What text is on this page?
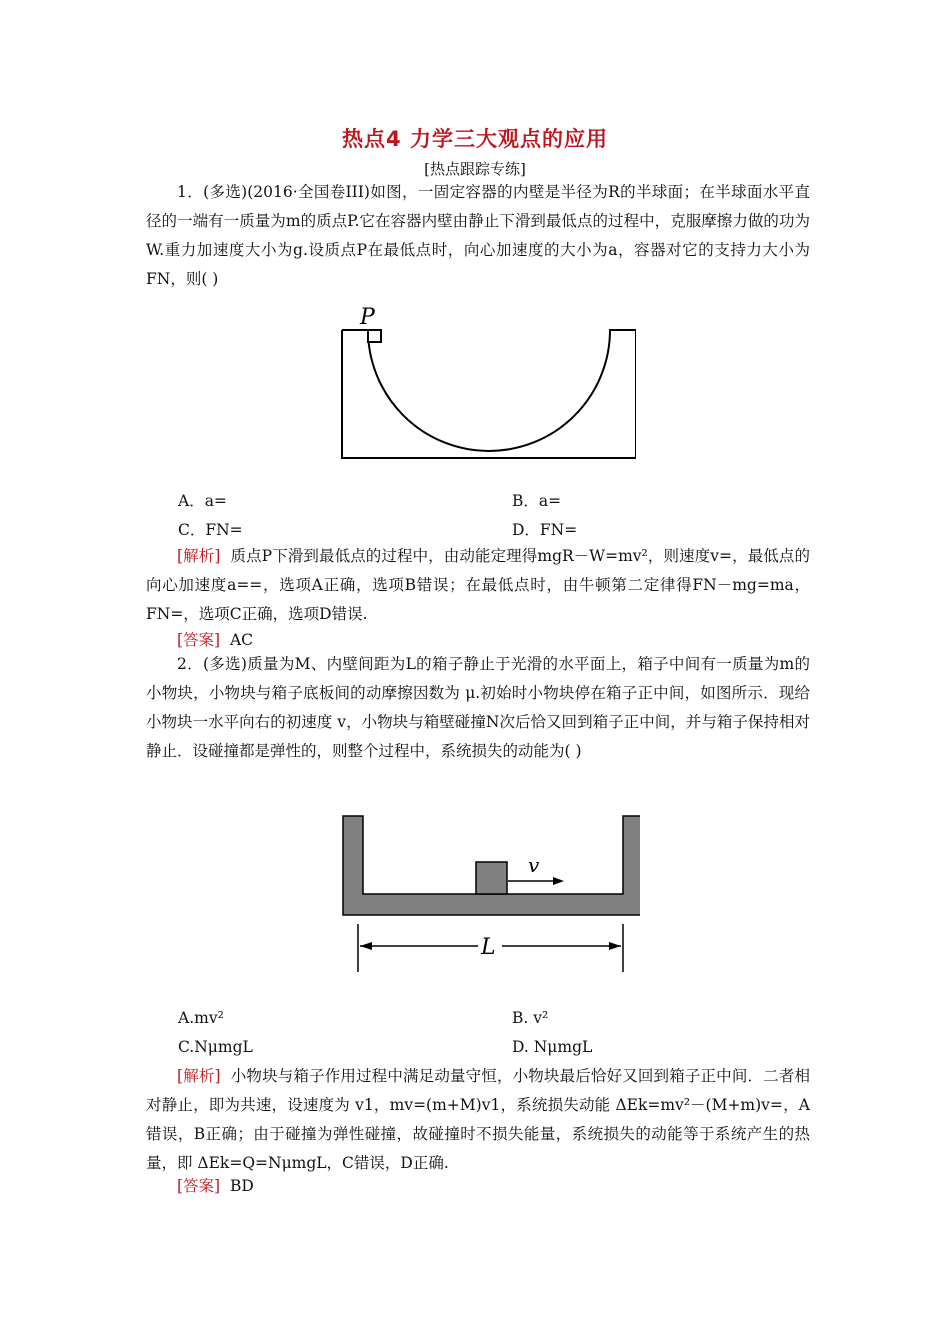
热点4 力学三大观点的应用
[热点跟踪专练]

1．(多选)(2016·全国卷III)如图，一固定容器的内壁是半径为R的半球面；在半球面水平直径的一端有一质量为m的质点P.它在容器内壁由静止下滑到最低点的过程中，克服摩擦力做的功为W.重力加速度大小为g.设质点P在最低点时，向心加速度的大小为a，容器对它的支持力大小为FN，则( )

P
A．a=	B．a=
C．FN=	D．FN=

[解析] 质点P下滑到最低点的过程中，由动能定理得mgR－W=mv²，则速度v=，最低点的向心加速度a==，选项A正确，选项B错误；在最低点时，由牛顿第二定律得FN－mg=ma，FN=，选项C正确，选项D错误.

[答案] AC

2．(多选)质量为M、内壁间距为L的箱子静止于光滑的水平面上，箱子中间有一质量为m的小物块，小物块与箱子底板间的动摩擦因数为 μ.初始时小物块停在箱子正中间，如图所示．现给小物块一水平向右的初速度 v，小物块与箱壁碰撞N次后恰又回到箱子正中间，并与箱子保持相对静止．设碰撞都是弹性的，则整个过程中，系统损失的动能为( )

v
L
A.mv²	B. v²
C.NμmgL	D. NμmgL

[解析] 小物块与箱子作用过程中满足动量守恒，小物块最后恰好又回到箱子正中间．二者相对静止，即为共速，设速度为 v1，mv=(m+M)v1，系统损失动能 ΔEk=mv²－(M+m)v=，A错误，B正确；由于碰撞为弹性碰撞，故碰撞时不损失能量，系统损失的动能等于系统产生的热量，即 ΔEk=Q=NμmgL，C错误，D正确.

[答案] BD
